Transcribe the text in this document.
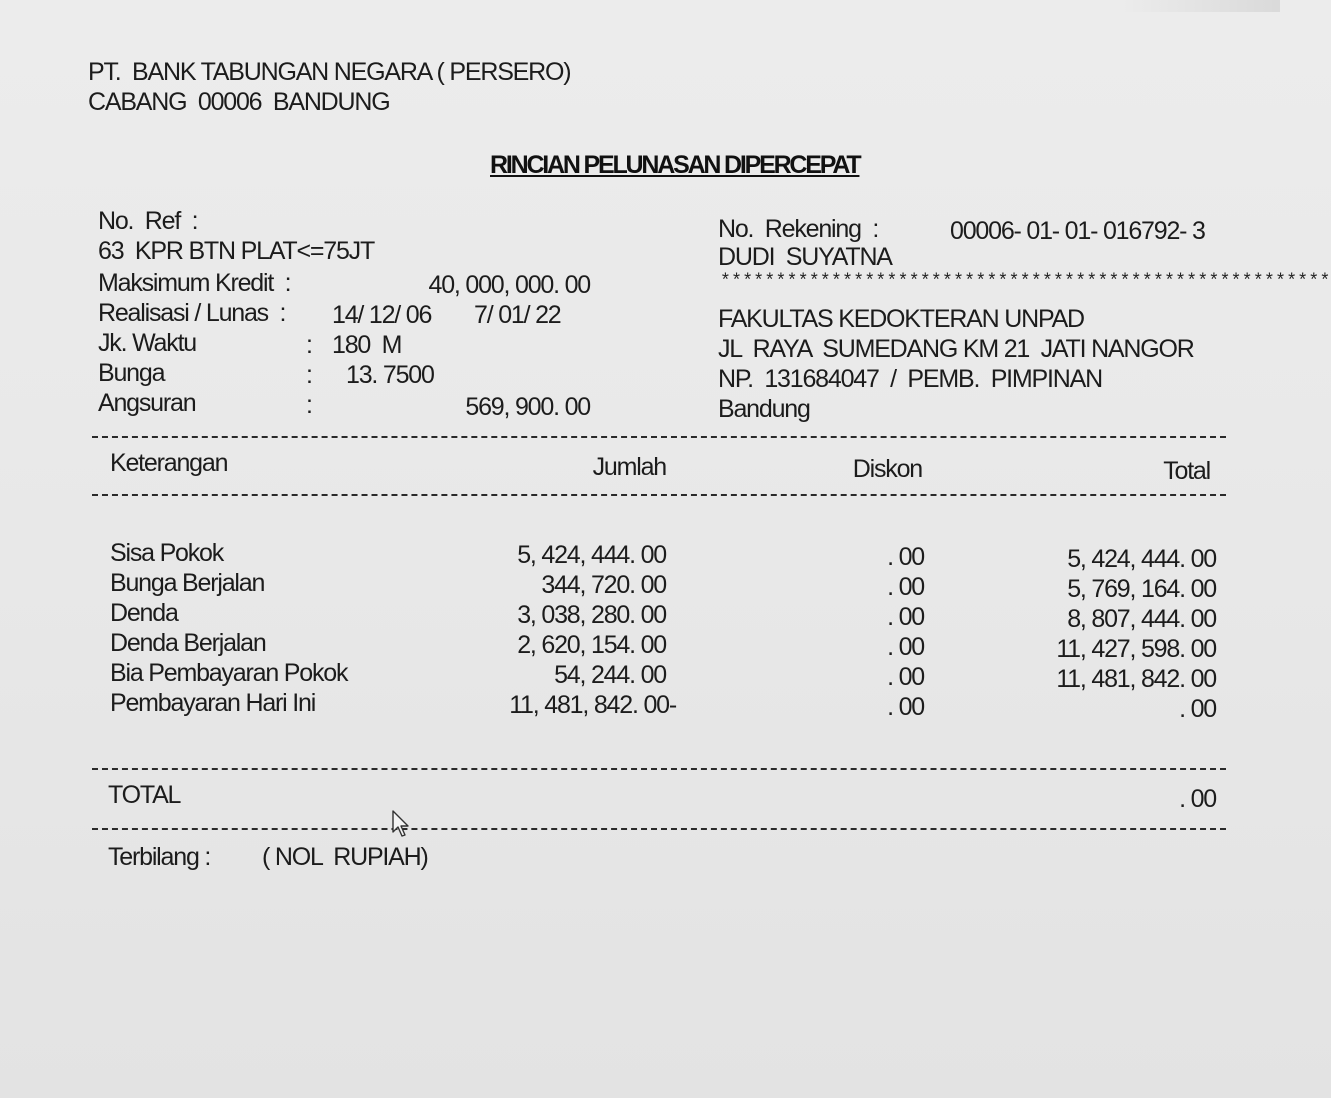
PT.  BANK TABUNGAN NEGARA ( PERSERO)
CABANG  00006  BANDUNG
RINCIAN PELUNASAN DIPERCEPAT
No.  Ref  :
63  KPR BTN PLAT<=75JT
Maksimum Kredit  :	40, 000, 000. 00
Realisasi / Lunas  : 14/ 12/ 06 7/ 01/ 22
Jk. Waktu	: 180  M
Bunga	: 13. 7500
Angsuran	:	569, 900. 00
No.  Rekening  :	00006- 01- 01- 016792- 3
DUDI  SUYATNA
*******************************************************
FAKULTAS KEDOKTERAN UNPAD
JL  RAYA  SUMEDANG KM 21  JATI NANGOR
NP.  131684047  /  PEMB.  PIMPINAN
Bandung
Keterangan	Jumlah	Diskon	Total
Sisa Pokok	5, 424, 444. 00	. 00	5, 424, 444. 00
Bunga Berjalan	344, 720. 00	. 00	5, 769, 164. 00
Denda	3, 038, 280. 00	. 00	8, 807, 444. 00
Denda Berjalan	2, 620, 154. 00	. 00	11, 427, 598. 00
Bia Pembayaran Pokok	54, 244. 00	. 00	11, 481, 842. 00
Pembayaran Hari Ini	11, 481, 842. 00-	. 00	. 00
TOTAL	. 00
Terbilang : ( NOL  RUPIAH)
